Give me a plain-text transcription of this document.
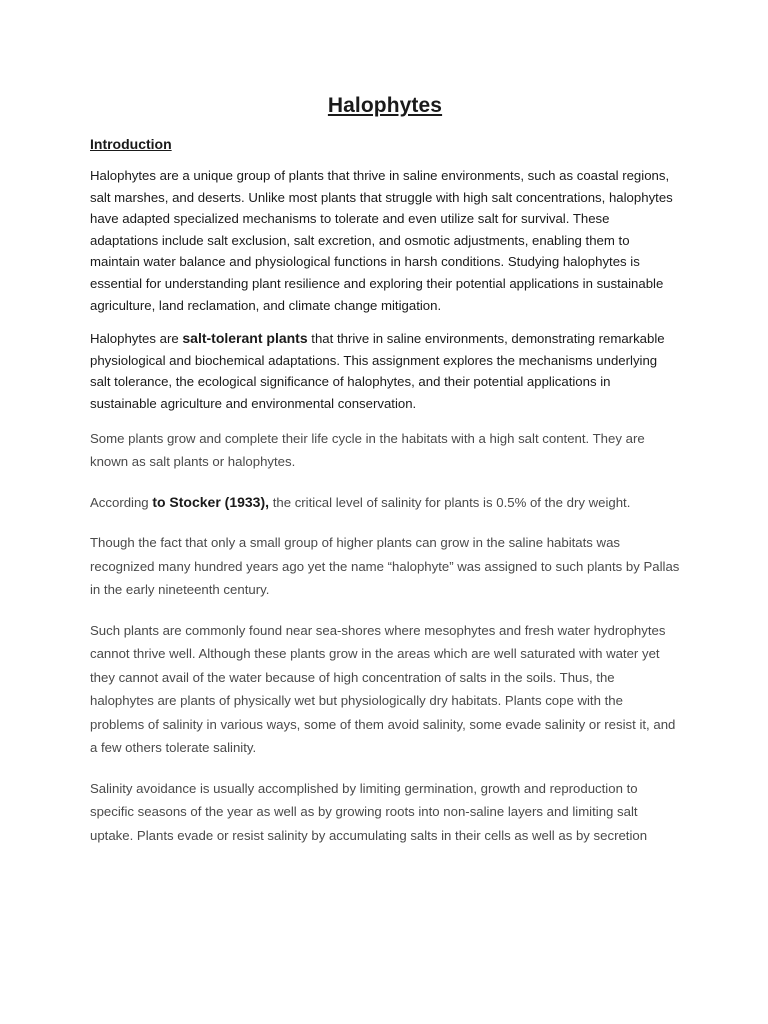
Halophytes
Introduction

Halophytes are a unique group of plants that thrive in saline environments, such as coastal regions, salt marshes, and deserts. Unlike most plants that struggle with high salt concentrations, halophytes have adapted specialized mechanisms to tolerate and even utilize salt for survival. These adaptations include salt exclusion, salt excretion, and osmotic adjustments, enabling them to maintain water balance and physiological functions in harsh conditions. Studying halophytes is essential for understanding plant resilience and exploring their potential applications in sustainable agriculture, land reclamation, and climate change mitigation.

Halophytes are salt-tolerant plants that thrive in saline environments, demonstrating remarkable physiological and biochemical adaptations. This assignment explores the mechanisms underlying salt tolerance, the ecological significance of halophytes, and their potential applications in sustainable agriculture and environmental conservation.

Some plants grow and complete their life cycle in the habitats with a high salt content. They are known as salt plants or halophytes.

According to Stocker (1933), the critical level of salinity for plants is 0.5% of the dry weight.

Though the fact that only a small group of higher plants can grow in the saline habitats was recognized many hundred years ago yet the name “halophyte” was assigned to such plants by Pallas in the early nineteenth century.

Such plants are commonly found near sea-shores where mesophytes and fresh water hydrophytes cannot thrive well. Although these plants grow in the areas which are well saturated with water yet they cannot avail of the water because of high concentration of salts in the soils. Thus, the halophytes are plants of physically wet but physiologically dry habitats. Plants cope with the problems of salinity in various ways, some of them avoid salinity, some evade salinity or resist it, and a few others tolerate salinity.

Salinity avoidance is usually accomplished by limiting germination, growth and reproduction to specific seasons of the year as well as by growing roots into non-saline layers and limiting salt uptake. Plants evade or resist salinity by accumulating salts in their cells as well as by secretion
